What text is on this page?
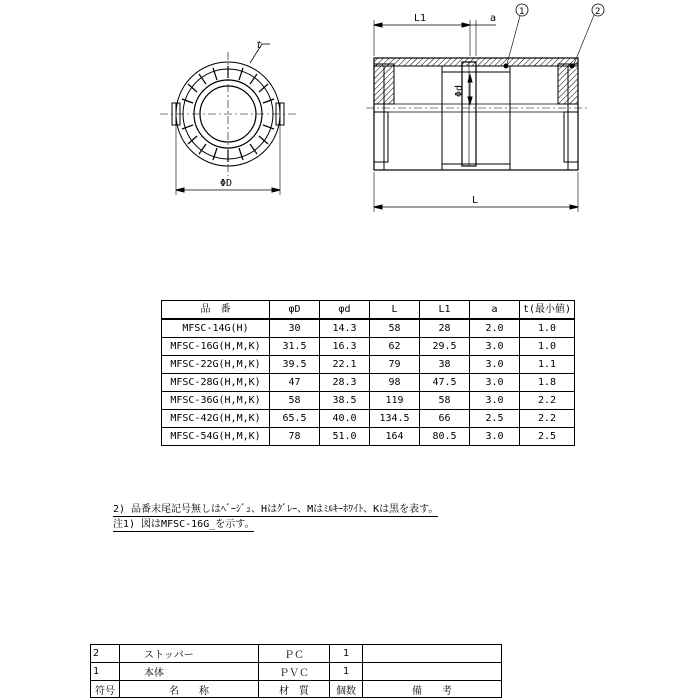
t
ΦD
L1	a
L
Φd
1	2
品　番	φD	φd	L	L1	a	t(最小値)
MFSC-14G(H)	30	14.3	58	28	2.0	1.0
MFSC-16G(H,M,K)	31.5	16.3	62	29.5	3.0	1.0
MFSC-22G(H,M,K)	39.5	22.1	79	38	3.0	1.1
MFSC-28G(H,M,K)	47	28.3	98	47.5	3.0	1.8
MFSC-36G(H,M,K)	58	38.5	119	58	3.0	2.2
MFSC-42G(H,M,K)	65.5	40.0	134.5	66	2.5	2.2
MFSC-54G(H,M,K)	78	51.0	164	80.5	3.0	2.5
2) 品番末尾記号無しはﾍﾞｰｼﾞｭ、Hはｸﾞﾚｰ、Mはﾐﾙｷｰﾎﾜｲﾄ、Kは黒を表す。
注1) 図はMFSC-16G_を示す。
2	ストッパー	ＰＣ	1	
1	本体	ＰＶＣ	1	
符号	名　　称	材　質	個数	備　　考
